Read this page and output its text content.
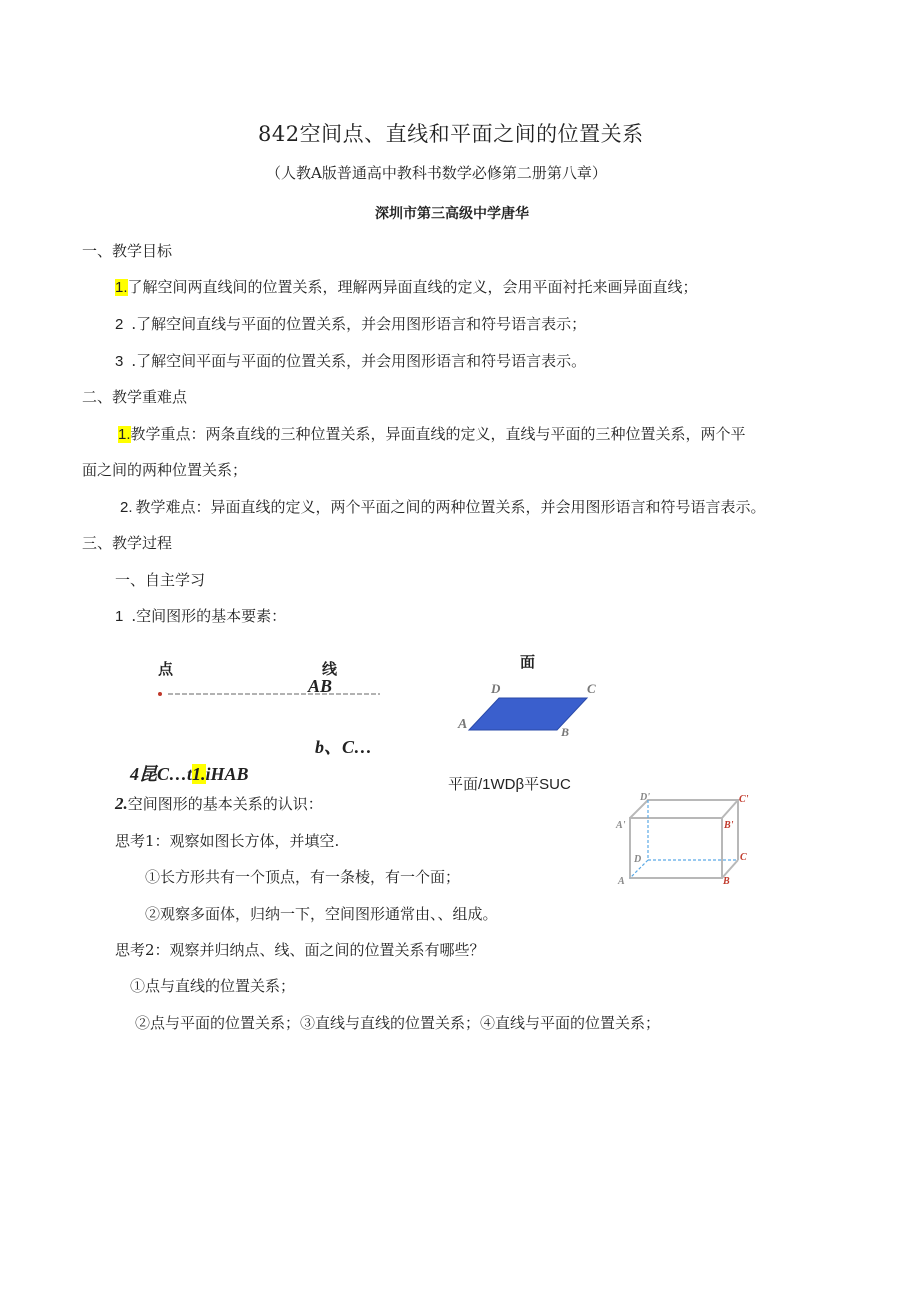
842空间点、直线和平面之间的位置关系
（人教A版普通高中教科书数学必修第二册第八章）
深圳市第三高级中学唐华
一、教学目标
1.了解空间两直线间的位置关系，理解两异面直线的定义，会用平面衬托来画异面直线；
2 .了解空间直线与平面的位置关系，并会用图形语言和符号语言表示；
3 .了解空间平面与平面的位置关系，并会用图形语言和符号语言表示。
二、教学重难点
1.教学重点：两条直线的三种位置关系，异面直线的定义，直线与平面的三种位置关系，两个平
面之间的两种位置关系；
2. 教学难点：异面直线的定义，两个平面之间的两种位置关系，并会用图形语言和符号语言表示。
三、教学过程
一、自主学习
1 .空间图形的基本要素：
点	线	面
AB
b、C…
4昆C…t1.iHAB
D	C
A	B
平面/1WDβ平SUC
D'
A'
D
A
C'
B'
C
B
2.空间图形的基本关系的认识：
思考1：观察如图长方体，并填空.
①长方形共有一个顶点，有一条棱，有一个面；
②观察多面体，归纳一下，空间图形通常由、、组成。
思考2：观察并归纳点、线、面之间的位置关系有哪些？
①点与直线的位置关系；
②点与平面的位置关系；③直线与直线的位置关系；④直线与平面的位置关系；
